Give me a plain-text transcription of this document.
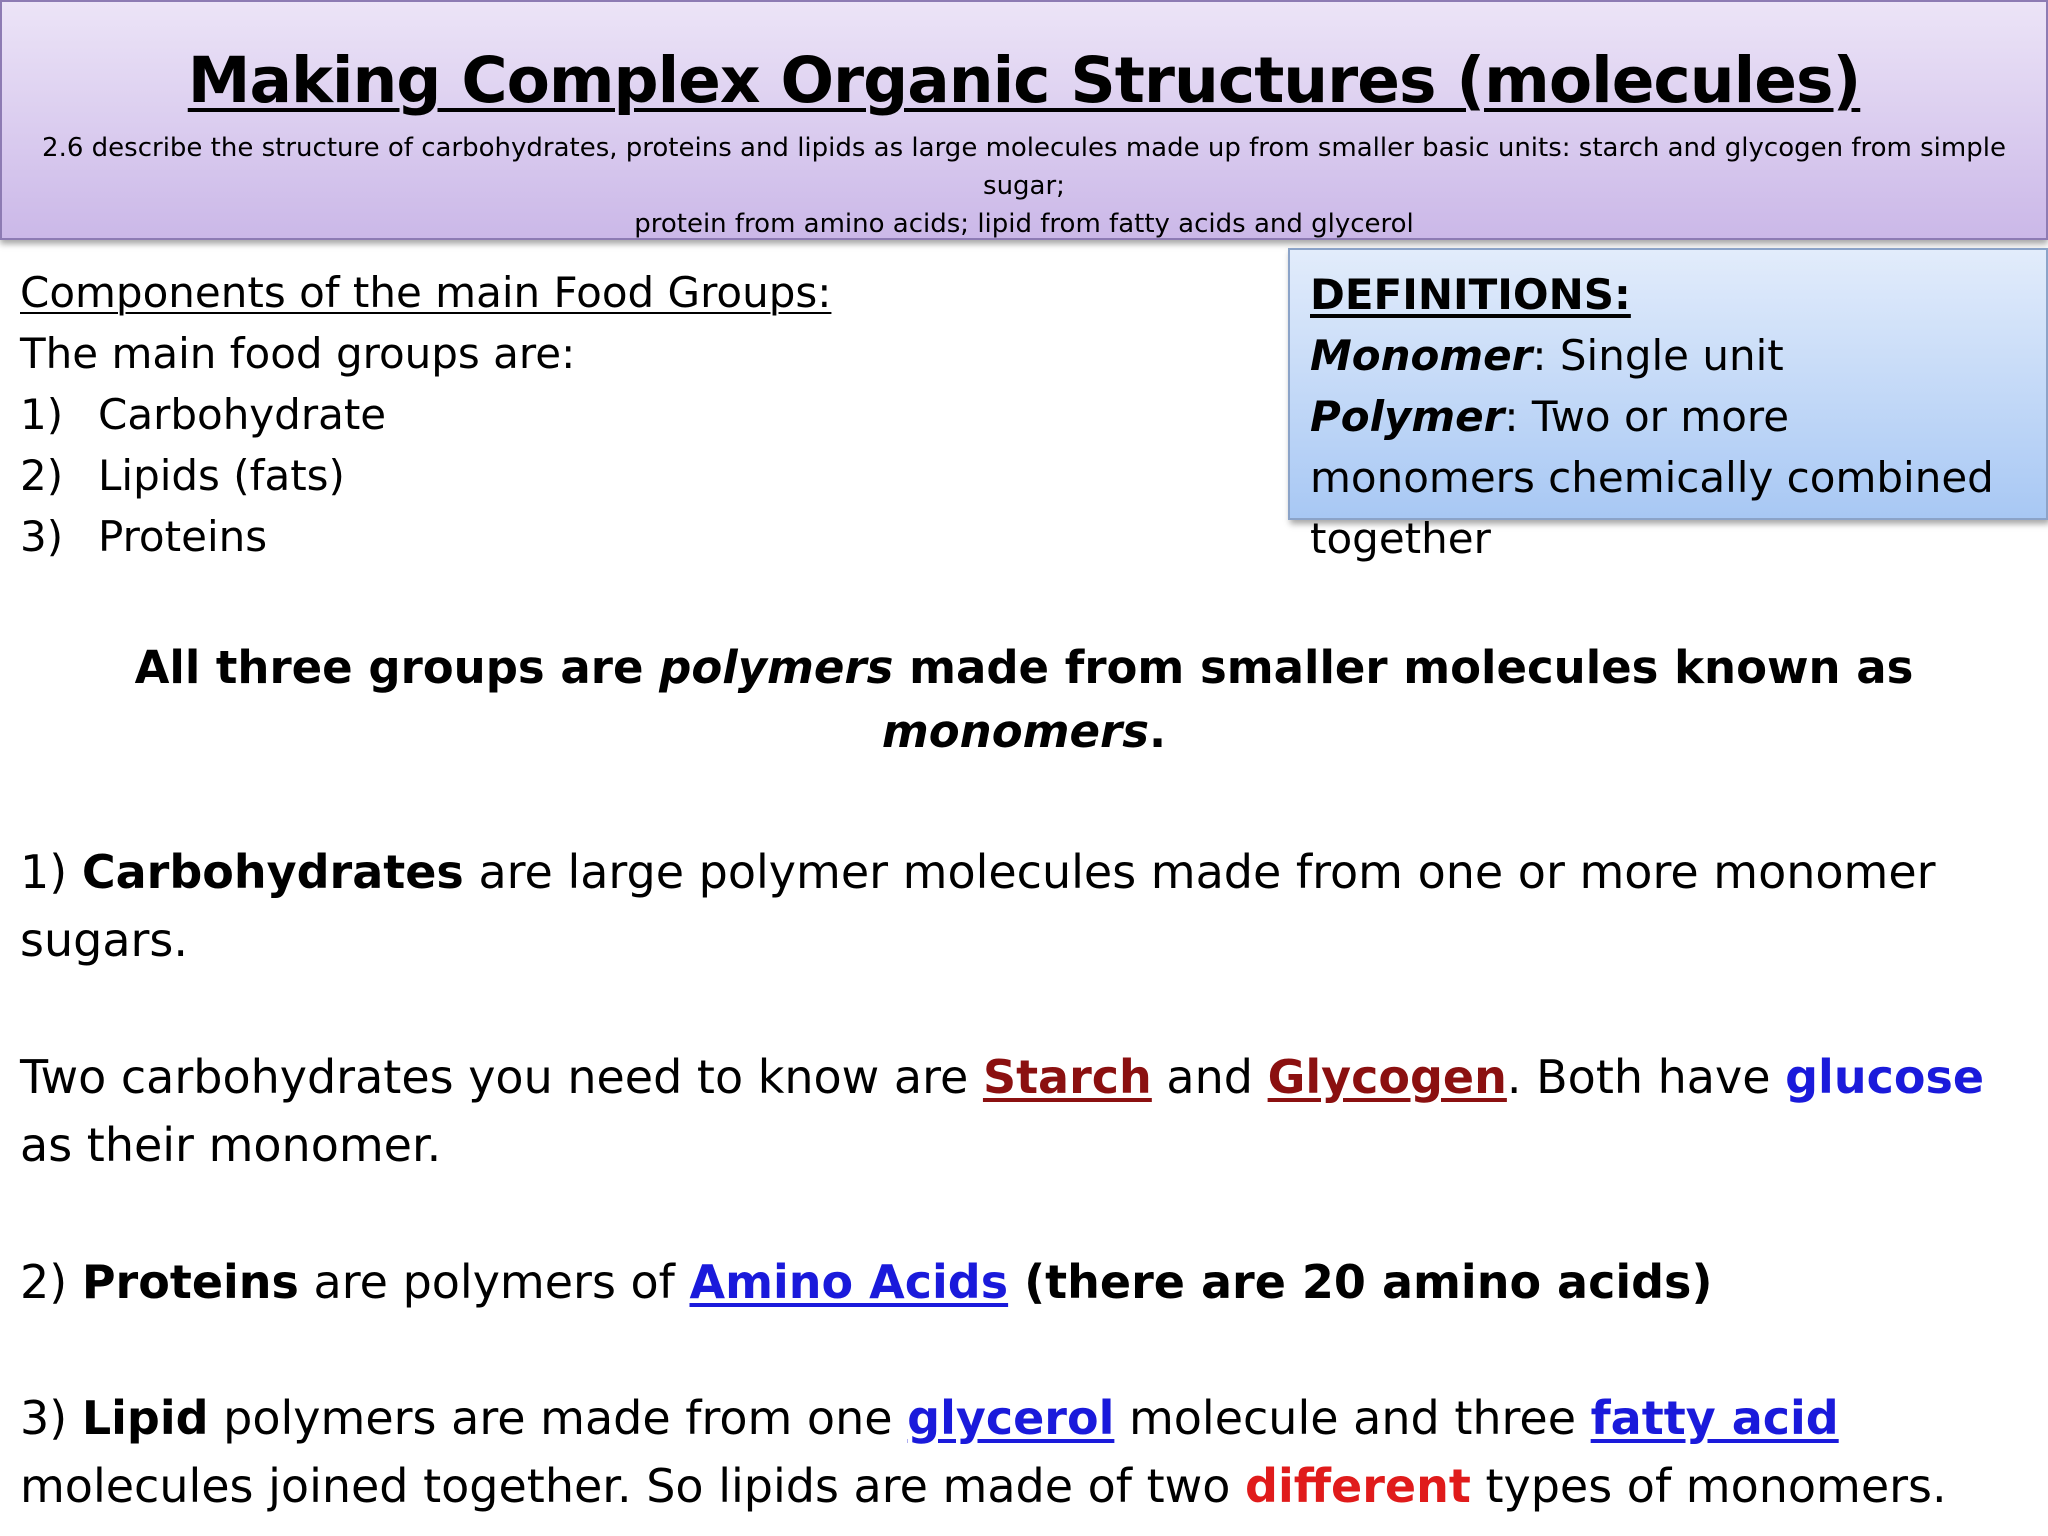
Making Complex Organic Structures (molecules)
2.6 describe the structure of carbohydrates, proteins and lipids as large molecules made up from smaller basic units: starch and glycogen from simple sugar;
protein from amino acids; lipid from fatty acids and glycerol
Components of the main Food Groups:
The main food groups are:
1) Carbohydrate
2) Lipids (fats)
3) Proteins
DEFINITIONS:
Monomer: Single unit
Polymer: Two or more monomers chemically combined together
All three groups are polymers made from smaller molecules known as monomers.
1) Carbohydrates are large polymer molecules made from one or more monomer sugars.
Two carbohydrates you need to know are Starch and Glycogen. Both have glucose as their monomer.
2) Proteins are polymers of Amino Acids (there are 20 amino acids)
3) Lipid polymers are made from one glycerol molecule and three fatty acid molecules joined together. So lipids are made of two different types of monomers.
